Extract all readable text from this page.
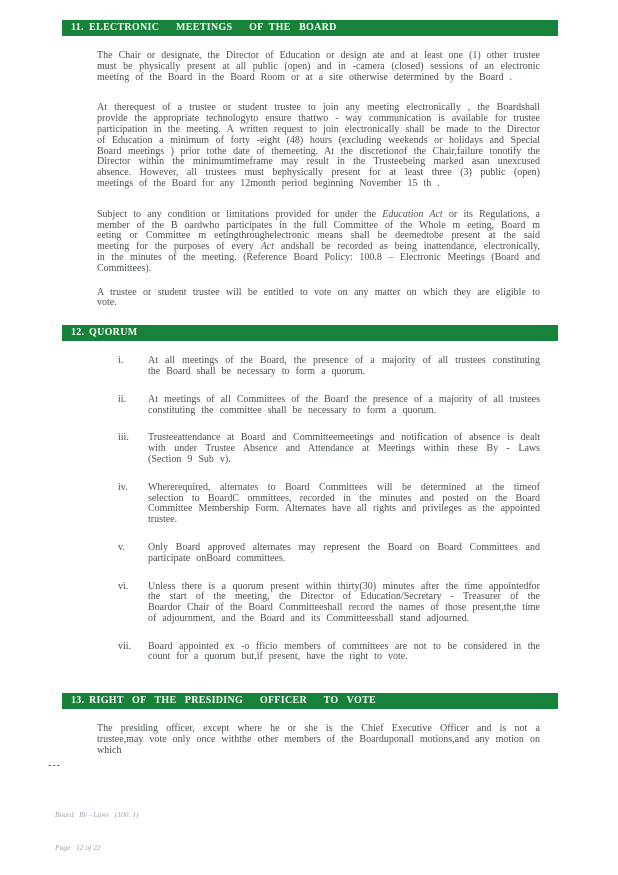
11. ELECTRONIC      MEETINGS      OF  THE   BOARD

The Chair or designate, the Director of Education or design ate and at least one (1) other trustee must be physically present at all public (open) and in -camera (closed) sessions of an electronic meeting of the Board in the Board Room or at a site otherwise determined by the Board .

At therequest of a trustee or student trustee to join any meeting electronically , the Boardshall provide the appropriate technologyto ensure thattwo - way communication is available for trustee participation in the meeting. A written request to join electronically shall be made to the Director of Education a minimum of forty -eight (48) hours (excluding weekends or holidays and Special Board meetings ) prior tothe date of themeeting. At the discretionof the Chair,failure tonotify the Director within the minimumtimeframe may result in the Trusteebeing marked asan unexcused absence. However, all trustees must bephysically present for at least three (3) public (open) meetings of the Board for any 12month period beginning November 15 th .

Subject to any condition or limitations provided for under the Education Act or its Regulations, a member of the B oardwho participates in the full Committee of the Whole m eeting, Board m eeting or Committee m eetingthroughelectronic means shall be deemedtobe present at the said meeting for the purposes of every Act andshall be recorded as being inattendance, electronically, in the minutes of the meeting. (Reference Board Policy: 100.8 – Electronic Meetings (Board and Committees).

A trustee or student trustee will be entitled to vote on any matter on which they are eligible to vote.

12. QUORUM
i.	At all meetings of the Board, the presence of a majority of all trustees constituting the Board shall be necessary to form a quorum.
ii.	At meetings of all Committees of the Board the presence of a majority of all trustees constituting the committee shall be necessary to form a quorum.
iii.	Trusteeattendance at Board and Committeemeetings and notification of absence is dealt with under Trustee Absence and Attendance at Meetings within these By - Laws (Section 9 Sub v).
iv.	Whererequired, alternates to Board Committees will be determined at the timeof selection to BoardC ommittees, recorded in the minutes and posted on the Board Committee Membership Form. Alternates have all rights and privileges as the appointed trustee.
v.	Only Board approved alternates may represent the Board on Board Committees and participate onBoard committees.
vi.	Unless there is a quorum present within thirty(30) minutes after the time appointedfor the start of the meeting, the Director of Education/Secretary - Treasurer of the Boardor Chair of the Board Committeeshall record the names of those present,the time of adjournment, and the Board and its Committeesshall stand adjourned.
vii.	Board appointed ex -o fficio members of committees are not to be considered in the count for a quorum but,if present, have the right to vote.
13. RIGHT   OF   THE   PRESIDING      OFFICER      TO   VOTE

The presiding officer, except where he or she is the Chief Executive Officer and is not a trustee,may vote only once withthe other members of the Boarduponall motions,and any motion on which

---

Board   By - Laws   (100. 1)

Page   12 of 22
